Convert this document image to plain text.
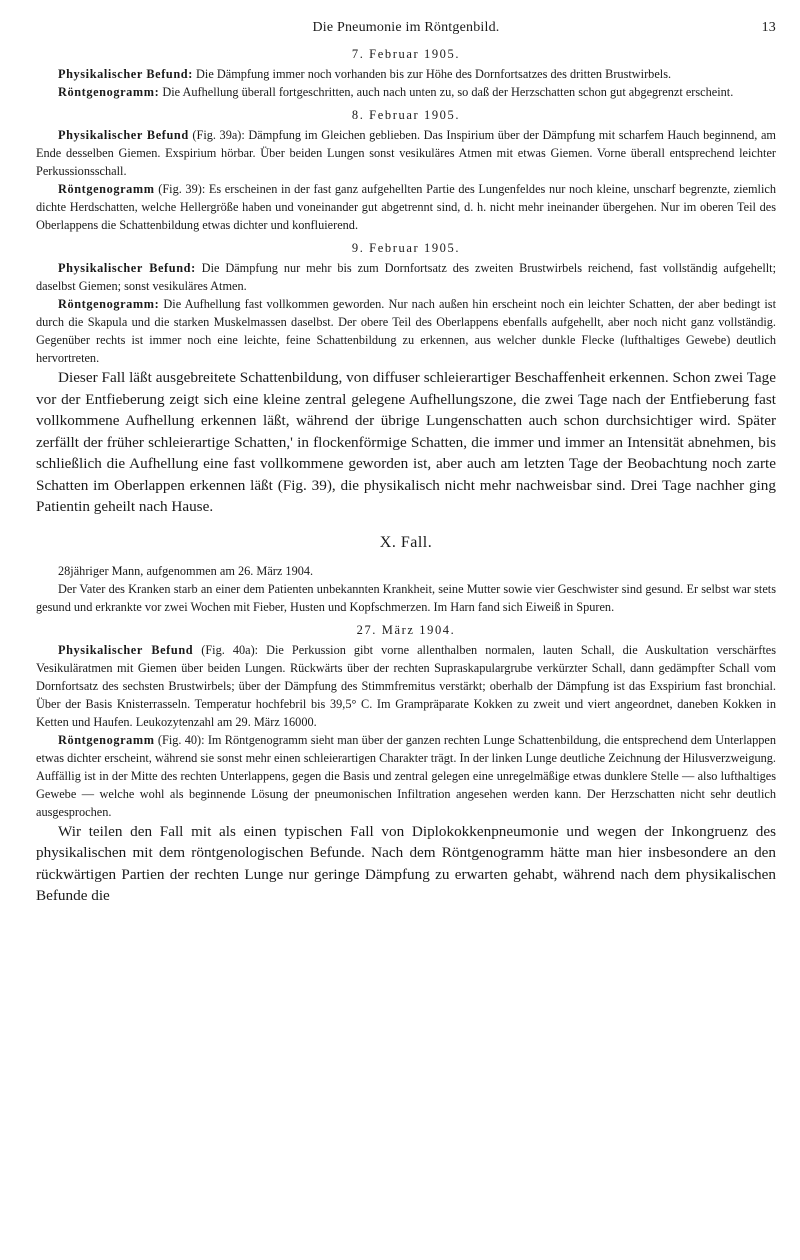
Die Pneumonie im Röntgenbild.	13
7. Februar 1905.

Physikalischer Befund: Die Dämpfung immer noch vorhanden bis zur Höhe des Dornfortsatzes des dritten Brustwirbels.

Röntgenogramm: Die Aufhellung überall fortgeschritten, auch nach unten zu, so daß der Herzschatten schon gut abgegrenzt erscheint.

8. Februar 1905.

Physikalischer Befund (Fig. 39a): Dämpfung im Gleichen geblieben. Das Inspirium über der Dämpfung mit scharfem Hauch beginnend, am Ende desselben Giemen. Exspirium hörbar. Über beiden Lungen sonst vesikuläres Atmen mit etwas Giemen. Vorne überall entsprechend leichter Perkussionsschall.

Röntgenogramm (Fig. 39): Es erscheinen in der fast ganz aufgehellten Partie des Lungenfeldes nur noch kleine, unscharf begrenzte, ziemlich dichte Herdschatten, welche Hellergröße haben und voneinander gut abgetrennt sind, d. h. nicht mehr ineinander übergehen. Nur im oberen Teil des Oberlappens die Schattenbildung etwas dichter und konfluierend.

9. Februar 1905.

Physikalischer Befund: Die Dämpfung nur mehr bis zum Dornfortsatz des zweiten Brustwirbels reichend, fast vollständig aufgehellt; daselbst Giemen; sonst vesikuläres Atmen.

Röntgenogramm: Die Aufhellung fast vollkommen geworden. Nur nach außen hin erscheint noch ein leichter Schatten, der aber bedingt ist durch die Skapula und die starken Muskelmassen daselbst. Der obere Teil des Oberlappens ebenfalls aufgehellt, aber noch nicht ganz vollständig. Gegenüber rechts ist immer noch eine leichte, feine Schattenbildung zu erkennen, aus welcher dunkle Flecke (lufthaltiges Gewebe) deutlich hervortreten.

Dieser Fall läßt ausgebreitete Schattenbildung, von diffuser schleierartiger Beschaffenheit erkennen. Schon zwei Tage vor der Entfieberung zeigt sich eine kleine zentral gelegene Aufhellungszone, die zwei Tage nach der Entfieberung fast vollkommene Aufhellung erkennen läßt, während der übrige Lungenschatten auch schon durchsichtiger wird. Später zerfällt der früher schleierartige Schatten,' in flockenförmige Schatten, die immer und immer an Intensität abnehmen, bis schließlich die Aufhellung eine fast vollkommene geworden ist, aber auch am letzten Tage der Beobachtung noch zarte Schatten im Oberlappen erkennen läßt (Fig. 39), die physikalisch nicht mehr nachweisbar sind. Drei Tage nachher ging Patientin geheilt nach Hause.

X. Fall.

28jähriger Mann, aufgenommen am 26. März 1904.

Der Vater des Kranken starb an einer dem Patienten unbekannten Krankheit, seine Mutter sowie vier Geschwister sind gesund. Er selbst war stets gesund und erkrankte vor zwei Wochen mit Fieber, Husten und Kopfschmerzen. Im Harn fand sich Eiweiß in Spuren.

27. März 1904.

Physikalischer Befund (Fig. 40a): Die Perkussion gibt vorne allenthalben normalen, lauten Schall, die Auskultation verschärftes Vesikuläratmen mit Giemen über beiden Lungen. Rückwärts über der rechten Supraskapulargrube verkürzter Schall, dann gedämpfter Schall vom Dornfortsatz des sechsten Brustwirbels; über der Dämpfung des Stimmfremitus verstärkt; oberhalb der Dämpfung ist das Exspirium fast bronchial. Über der Basis Knisterrasseln. Temperatur hochfebril bis 39,5° C. Im Grampräparate Kokken zu zweit und viert angeordnet, daneben Kokken in Ketten und Haufen. Leukozytenzahl am 29. März 16000.

Röntgenogramm (Fig. 40): Im Röntgenogramm sieht man über der ganzen rechten Lunge Schattenbildung, die entsprechend dem Unterlappen etwas dichter erscheint, während sie sonst mehr einen schleierartigen Charakter trägt. In der linken Lunge deutliche Zeichnung der Hilusverzweigung. Auffällig ist in der Mitte des rechten Unterlappens, gegen die Basis und zentral gelegen eine unregelmäßige etwas dunklere Stelle — also lufthaltiges Gewebe — welche wohl als beginnende Lösung der pneumonischen Infiltration angesehen werden kann. Der Herzschatten nicht sehr deutlich ausgesprochen.

Wir teilen den Fall mit als einen typischen Fall von Diplokokkenpneumonie und wegen der Inkongruenz des physikalischen mit dem röntgenologischen Befunde. Nach dem Röntgenogramm hätte man hier insbesondere an den rückwärtigen Partien der rechten Lunge nur geringe Dämpfung zu erwarten gehabt, während nach dem physikalischen Befunde die
